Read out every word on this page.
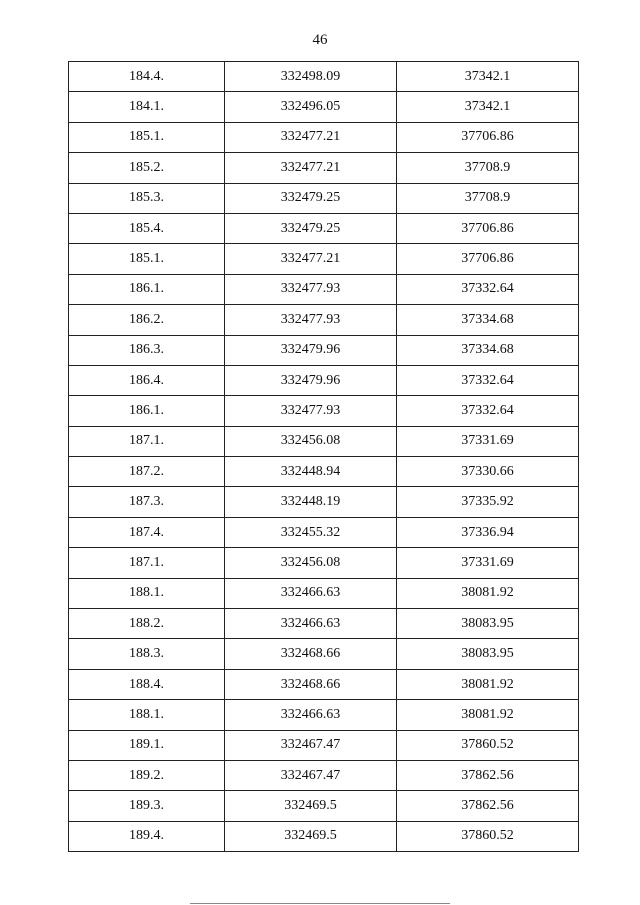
46
184.4.	332498.09	37342.1
184.1.	332496.05	37342.1
185.1.	332477.21	37706.86
185.2.	332477.21	37708.9
185.3.	332479.25	37708.9
185.4.	332479.25	37706.86
185.1.	332477.21	37706.86
186.1.	332477.93	37332.64
186.2.	332477.93	37334.68
186.3.	332479.96	37334.68
186.4.	332479.96	37332.64
186.1.	332477.93	37332.64
187.1.	332456.08	37331.69
187.2.	332448.94	37330.66
187.3.	332448.19	37335.92
187.4.	332455.32	37336.94
187.1.	332456.08	37331.69
188.1.	332466.63	38081.92
188.2.	332466.63	38083.95
188.3.	332468.66	38083.95
188.4.	332468.66	38081.92
188.1.	332466.63	38081.92
189.1.	332467.47	37860.52
189.2.	332467.47	37862.56
189.3.	332469.5	37862.56
189.4.	332469.5	37860.52
